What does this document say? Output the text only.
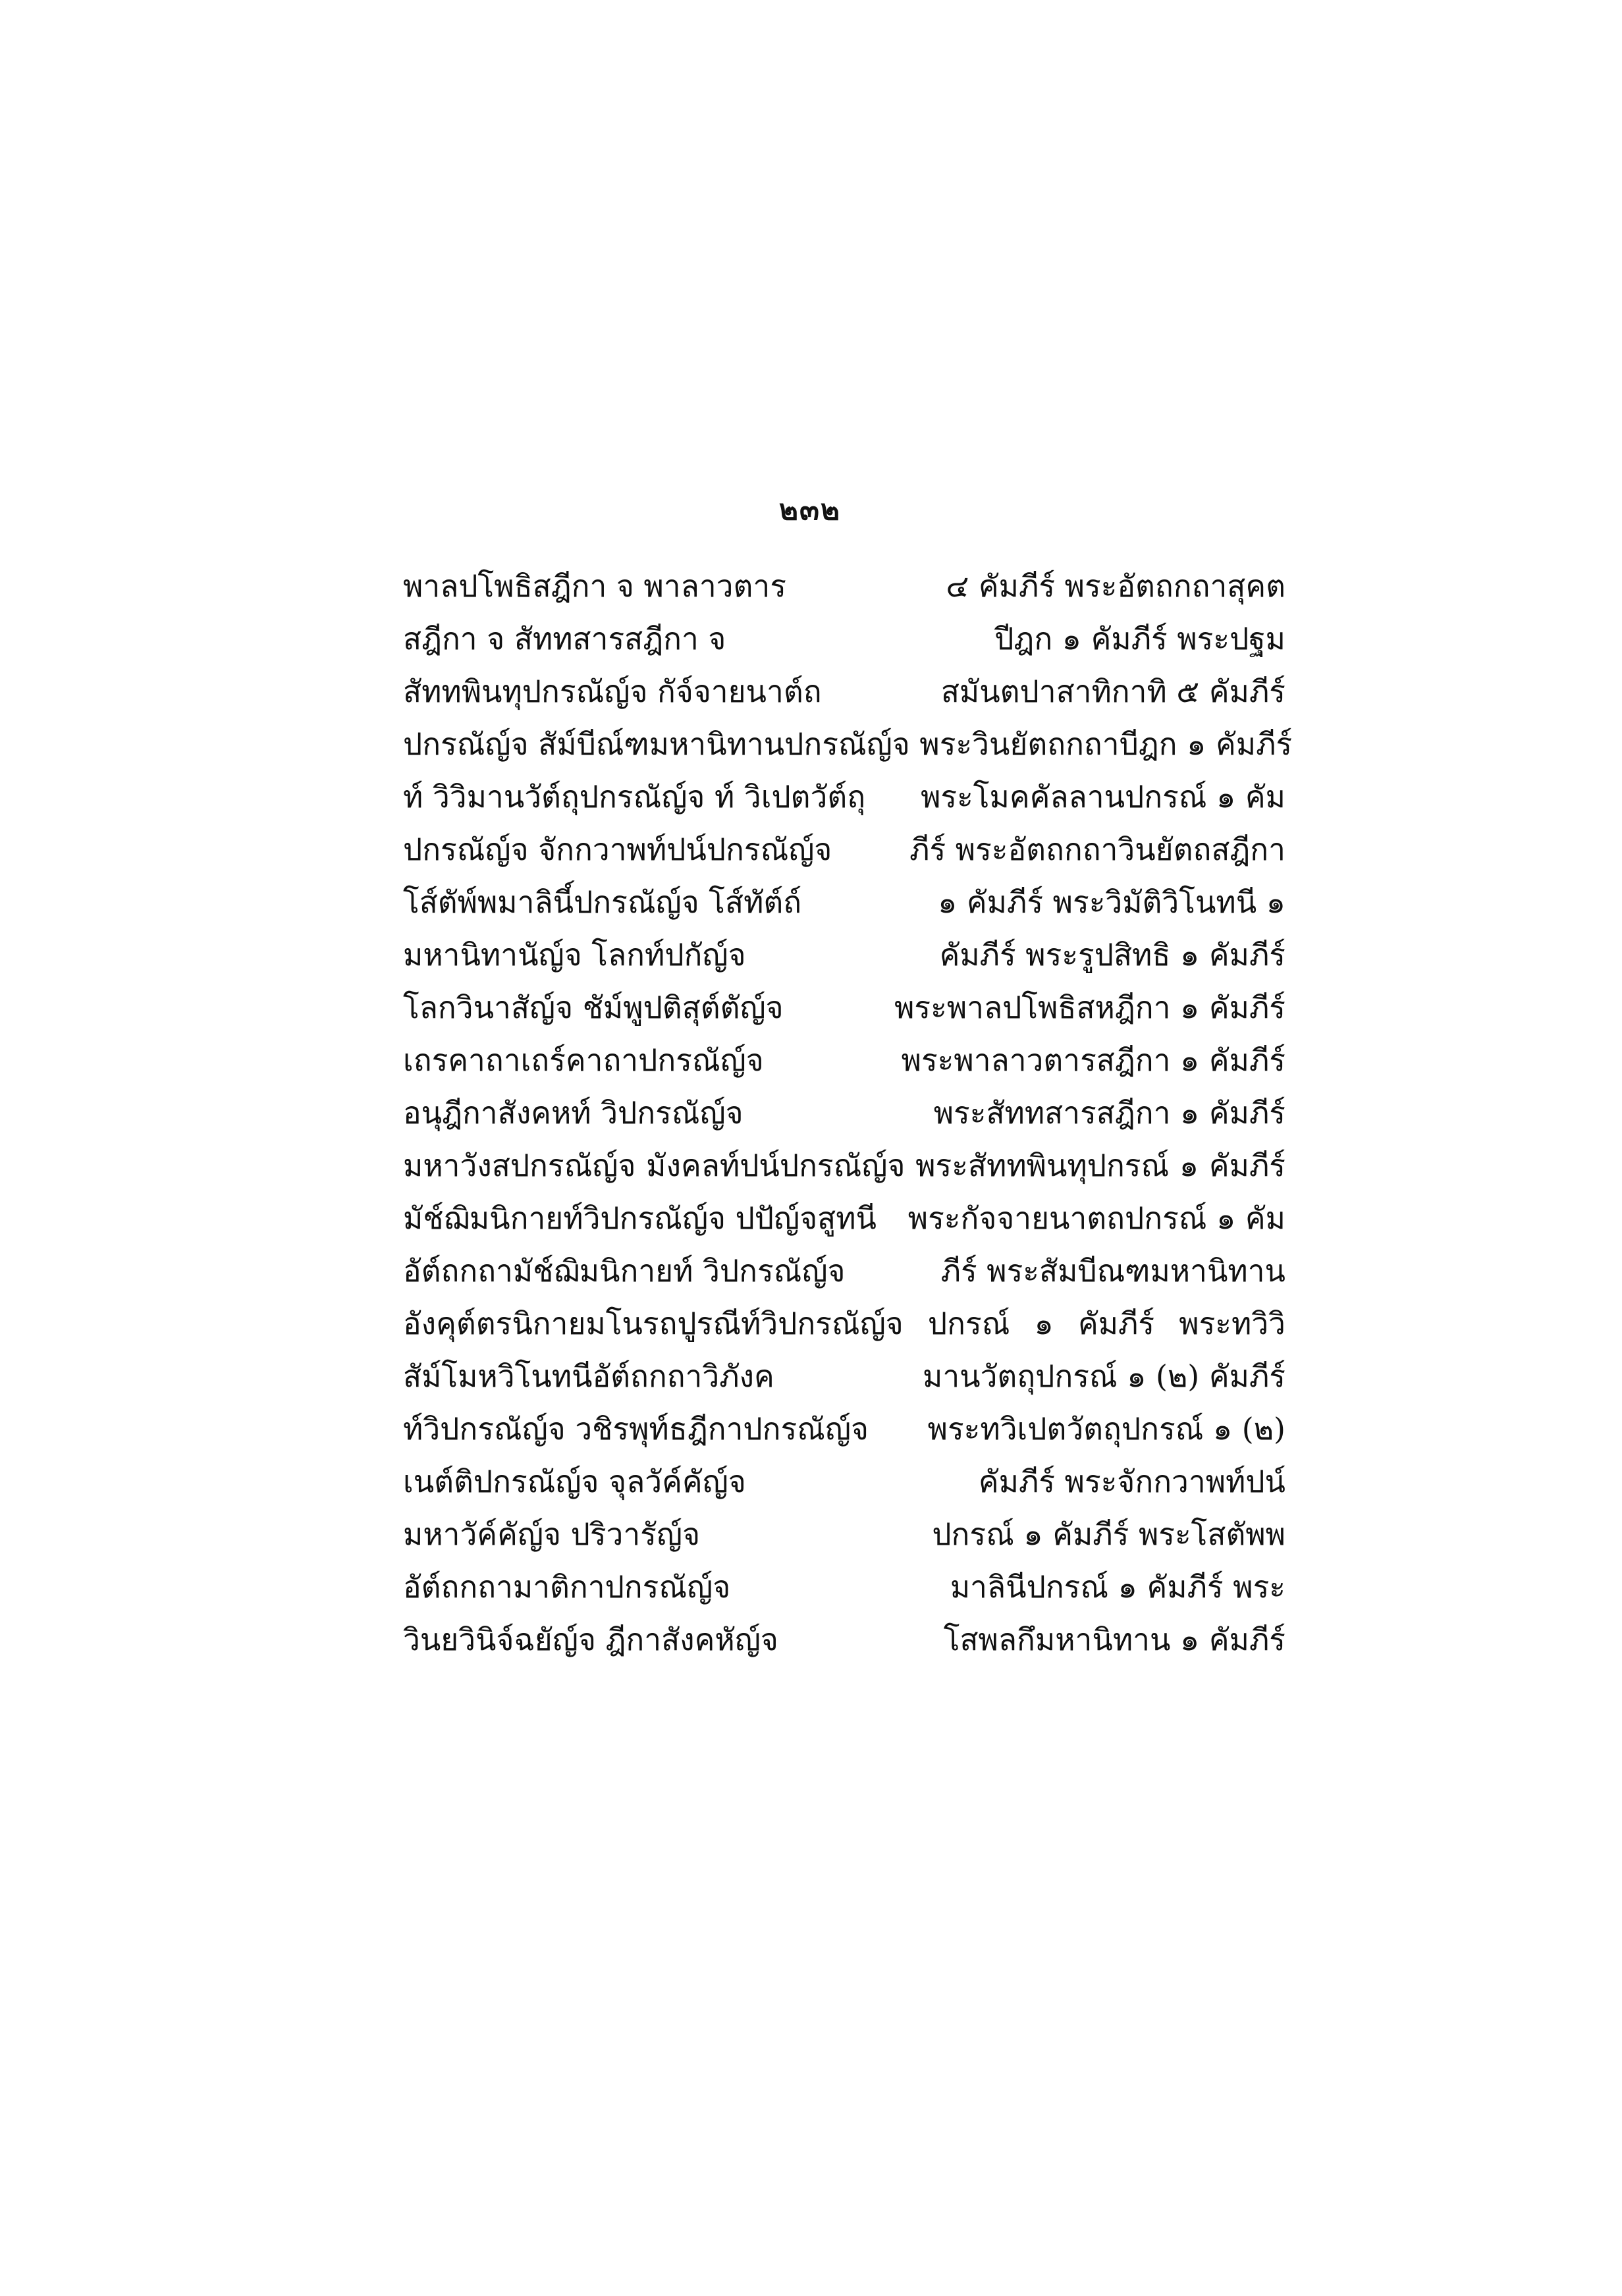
๒๓๒
พาลปโพธิสฎีกา จ พาลาวตาร	๔ คัมภีร์ พระอัตถกถาสุคต
สฎีกา จ สัททสารสฎีกา จ	ปีฎก ๑ คัมภีร์ พระปฐม
สัททพินทุปกรณัญ์จ กัจ์จายนาต์ถ	สมันตปาสาทิกาทิ ๕ คัมภีร์
ปกรณัญ์จ สัม์บีณ์ฑมหานิทานปกรณัญ์จ พระวินยัตถกถาบีฎก ๑ คัมภีร์
ท์ วิวิมานวัต์ถุปกรณัญ์จ ท์ วิเปตวัต์ถุ พระโมคคัลลานปกรณ์ ๑ คัม
ปกรณัญ์จ จักกวาพท์ปน์ปกรณัญ์จ	ภีร์ พระอัตถกถาวินยัตถสฎีกา
โส์ตัพ์พมาลินี์ปกรณัญ์จ โส์ทัต์ถ์	๑ คัมภีร์ พระวิมัติวิโนทนี ๑
มหานิทานัญ์จ โลกท์ปกัญ์จ	คัมภีร์ พระรูปสิทธิ ๑ คัมภีร์
โลกวินาสัญ์จ ชัม์พูปติสุต์ตัญ์จ	พระพาลปโพธิสหฎีกา ๑ คัมภีร์
เถรคาถาเถร์คาถาปกรณัญ์จ	พระพาลาวตารสฎีกา ๑ คัมภีร์
อนุฎีกาสังคหท์ วิปกรณัญ์จ	พระสัททสารสฎีกา ๑ คัมภีร์
มหาวังสปกรณัญ์จ มังคลท์ปน์ปกรณัญ์จ พระสัททพินทุปกรณ์ ๑ คัมภีร์
มัช์ฌิมนิกายท์วิปกรณัญ์จ ปปัญ์จสูทนี พระกัจจายนาตถปกรณ์ ๑ คัม
อัต์ถกถามัช์ฌิมนิกายท์ วิปกรณัญ์จ	ภีร์ พระสัมบีณฑมหานิทาน
อังคุต์ตรนิกายมโนรถปูรณีท์วิปกรณัญ์จ ปกรณ์ ๑ คัมภีร์ พระทวิวิ
สัม์โมหวิโนทนีอัต์ถกถาวิภังค	มานวัตถุปกรณ์ ๑ (๒) คัมภีร์
ท์วิปกรณัญ์จ วชิรพุท์ธฎีกาปกรณัญ์จ พระทวิเปตวัตถุปกรณ์ ๑ (๒)
เนต์ติปกรณัญ์จ จุลวัค์คัญ์จ	คัมภีร์ พระจักกวาพท์ปน์
มหาวัค์คัญ์จ ปริวารัญ์จ	ปกรณ์ ๑ คัมภีร์ พระโสตัพพ
อัต์ถกถามาติกาปกรณัญ์จ	มาลินีปกรณ์ ๑ คัมภีร์ พระ
วินยวินิจ์ฉยัญ์จ ฎีกาสังคหัญ์จ	โสพลกึมหานิทาน ๑ คัมภีร์
